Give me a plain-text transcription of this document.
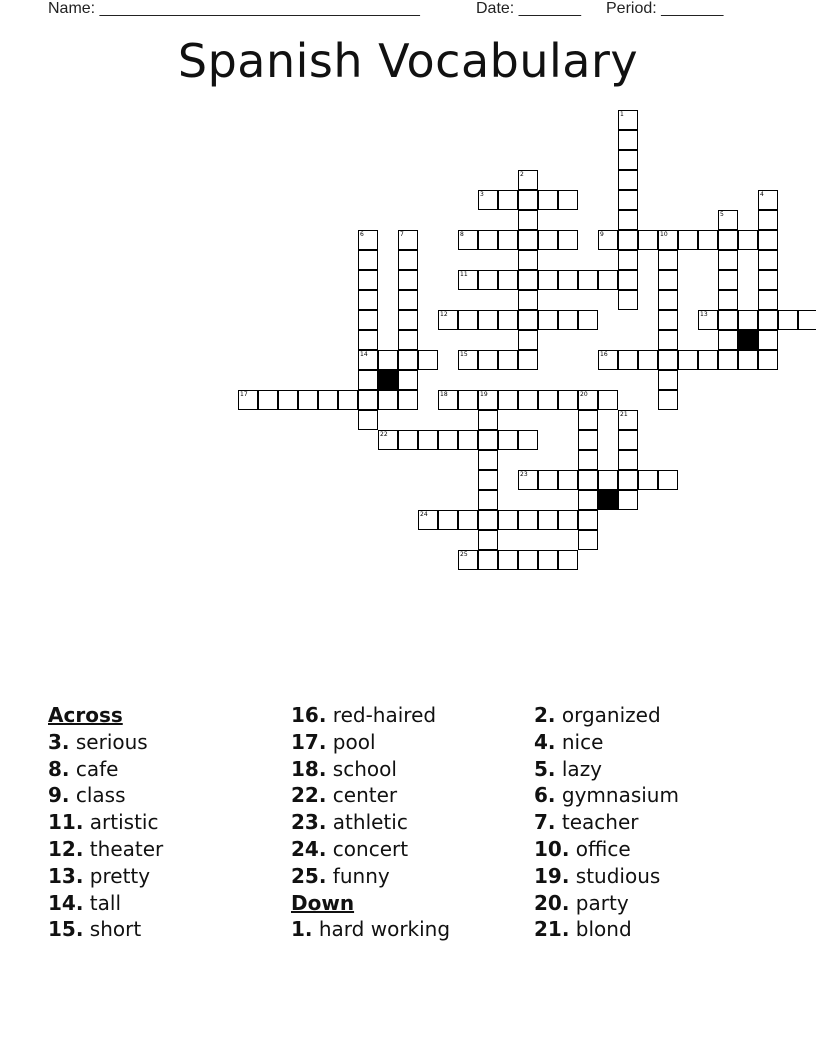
Name: ____________________________________	Date: _______ Period: _______
Spanish Vocabulary
3
8	9
11
12	13
14	15	16
17	18
22
23
24
25
1
2
4
5
6	7	10
19	20
21
Across
3. serious
8. cafe
9. class
11. artistic
12. theater
13. pretty
14. tall
15. short
16. red-haired
17. pool
18. school
22. center
23. athletic
24. concert
25. funny
Down
1. hard working
2. organized
4. nice
5. lazy
6. gymnasium
7. teacher
10. office
19. studious
20. party
21. blond
